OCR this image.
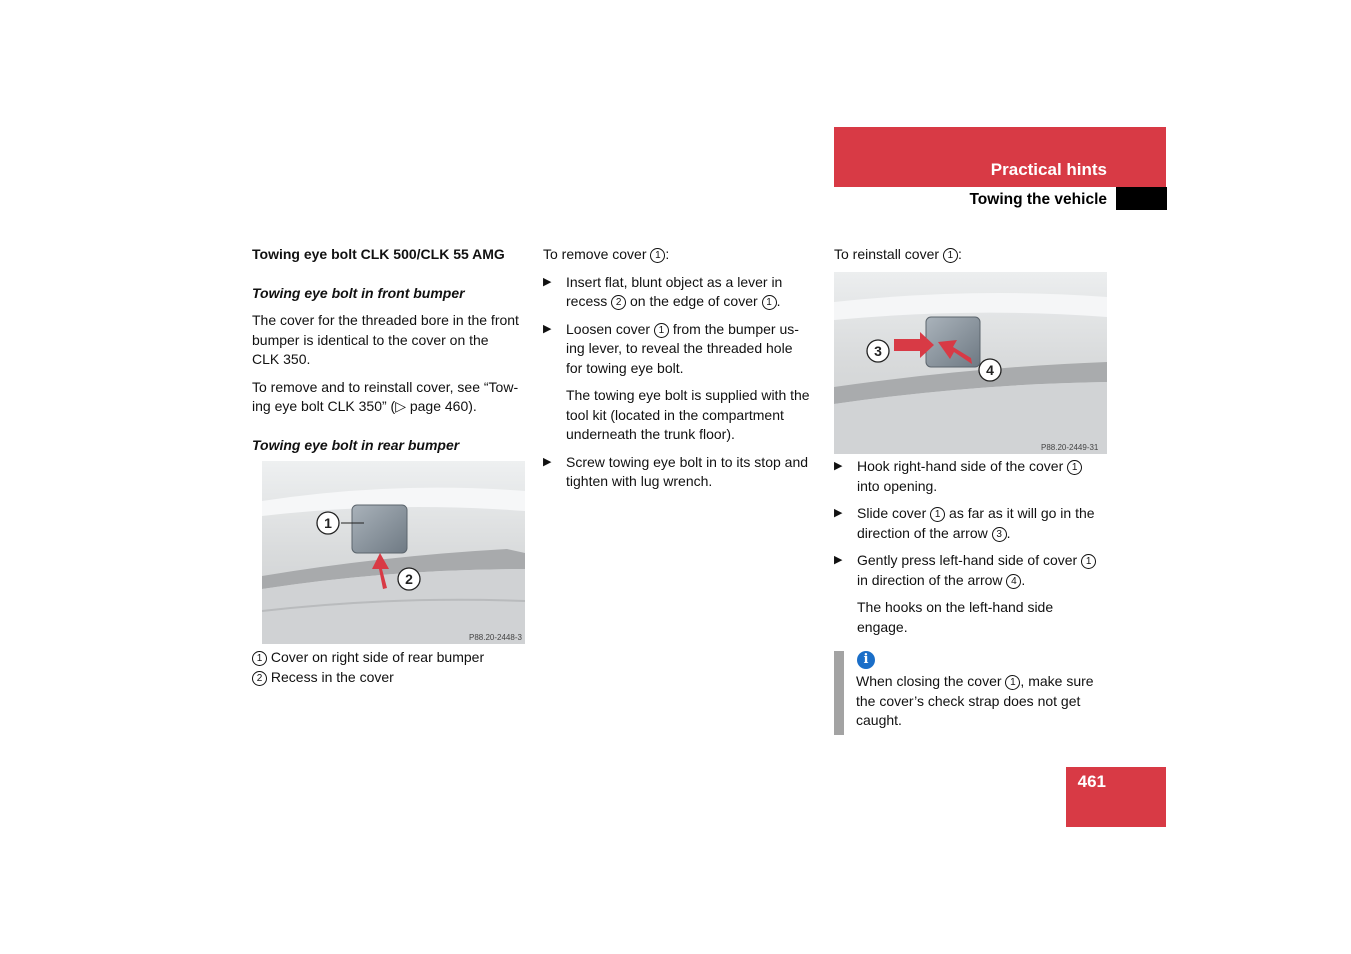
Practical hints
Towing the vehicle

Towing eye bolt CLK 500/CLK 55 AMG

Towing eye bolt in front bumper

The cover for the threaded bore in the front
bumper is identical to the cover on the
CLK 350.

To remove and to reinstall cover, see “Tow-
ing eye bolt CLK 350” (▷ page 460).

Towing eye bolt in rear bumper

1
2
P88.20-2448-3

1 Cover on right side of rear bumper

2 Recess in the cover

To remove cover 1 :

▶ Insert flat, blunt object as a lever in
recess 2 on the edge of cover 1 .
▶ Loosen cover 1 from the bumper us-
ing lever, to reveal the threaded hole
for towing eye bolt.
The towing eye bolt is supplied with the
tool kit (located in the compartment
underneath the trunk floor).
▶ Screw towing eye bolt in to its stop and
tighten with lug wrench.

To reinstall cover 1 :

3
4
P88.20-2449-31
▶ Hook right-hand side of the cover 1
into opening.
▶ Slide cover 1 as far as it will go in the
direction of the arrow 3 .
▶ Gently press left-hand side of cover 1
in direction of the arrow 4 .
The hooks on the left-hand side
engage.
i
When closing the cover 1 , make sure
the cover’s check strap does not get
caught.
461
